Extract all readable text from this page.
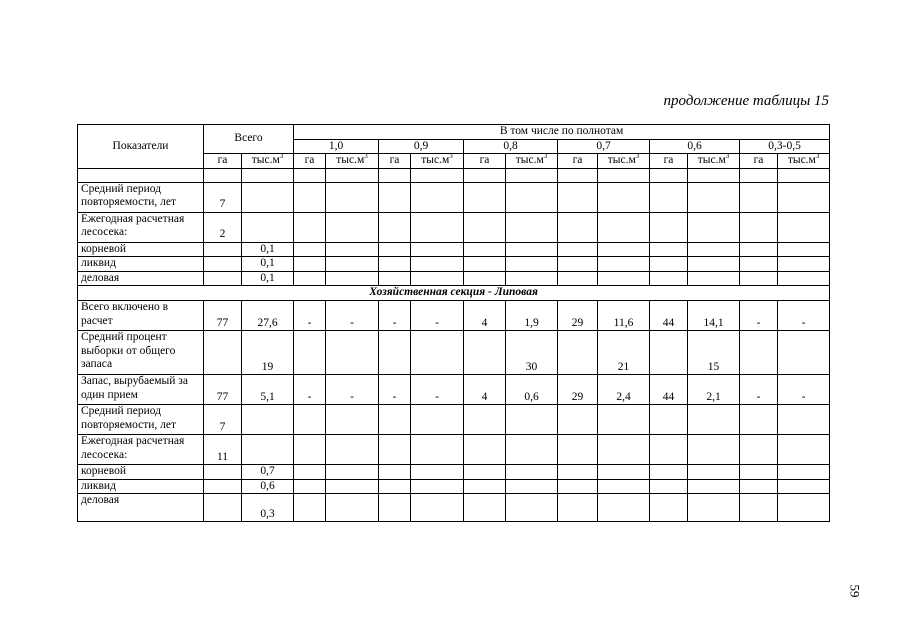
продолжение таблицы 15
Показатели	Всего		В том числе по полнотам											
			1,0		0,9		0,8		0,7		0,6		0,3-0,5	
	га	тыс.м 3	га	тыс.м 3	га	тыс.м 3	га	тыс.м 3	га	тыс.м 3	га	тыс.м 3	га	тыс.м 3

Средний период повторяемости, лет	7													
Ежегодная расчетная лесосека:	2													
корневой		0,1												
ликвид		0,1												
деловая		0,1												
Хозяйственная секция - Липовая														
Всего включено в расчет	77	27,6	-	-	-	-	4	1,9	29	11,6	44	14,1	-	-
Средний процент выборки от общего запаса		19						30		21		15		
Запас, вырубаемый за один прием	77	5,1	-	-	-	-	4	0,6	29	2,4	44	2,1	-	-
Средний период повторяемости, лет	7													
Ежегодная расчетная лесосека:	11													
корневой		0,7												
ликвид		0,6												
деловая		0,3												
59
